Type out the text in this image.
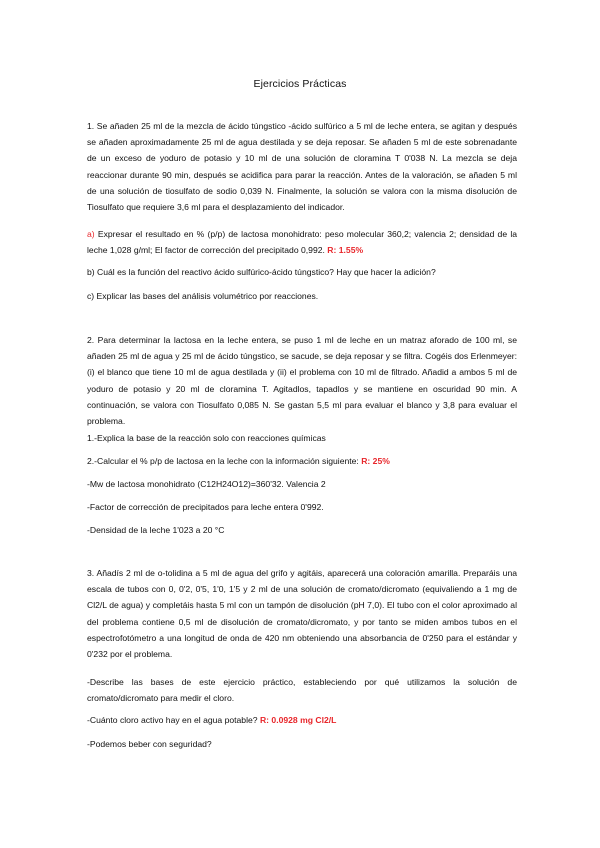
Ejercicios Prácticas
1. Se añaden 25 ml de la mezcla de ácido túngstico -ácido sulfúrico a 5 ml de leche entera, se agitan y después se añaden aproximadamente 25 ml de agua destilada y se deja reposar. Se añaden 5 ml de este sobrenadante de un exceso de yoduro de potasio y 10 ml de una solución de cloramina T 0'038 N. La mezcla se deja reaccionar durante 90 min, después se acidifica para parar la reacción. Antes de la valoración, se añaden 5 ml de una solución de tiosulfato de sodio 0,039 N. Finalmente, la solución se valora con la misma disolución de Tiosulfato que requiere 3,6 ml para el desplazamiento del indicador.
a) Expresar el resultado en % (p/p) de lactosa monohidrato: peso molecular 360,2; valencia 2; densidad de la leche 1,028 g/ml; El factor de corrección del precipitado 0,992. R: 1.55%
b) Cuál es la función del reactivo ácido sulfúrico-ácido túngstico? Hay que hacer la adición?
c) Explicar las bases del análisis volumétrico por reacciones.
2. Para determinar la lactosa en la leche entera, se puso 1 ml de leche en un matraz aforado de 100 ml, se añaden 25 ml de agua y 25 ml de ácido túngstico, se sacude, se deja reposar y se filtra. Cogéis dos Erlenmeyer:(i) el blanco que tiene 10 ml de agua destilada y (ii) el problema con 10 ml de filtrado. Añadid a ambos 5 ml de yoduro de potasio y 20 ml de cloramina T. Agitadlos, tapadlos y se mantiene en oscuridad 90 min. A continuación, se valora con Tiosulfato 0,085 N. Se gastan 5,5 ml para evaluar el blanco y 3,8 para evaluar el problema.
1.-Explica la base de la reacción solo con reacciones químicas
2.-Calcular el % p/p de lactosa en la leche con la información siguiente: R: 25%
-Mw de lactosa monohidrato (C12H24O12)=360'32. Valencia 2
-Factor de corrección de precipitados para leche entera 0'992.
-Densidad de la leche 1'023 a 20 °C
3. Añadís 2 ml de o-tolidina a 5 ml de agua del grifo y agitáis, aparecerá una coloración amarilla. Preparáis una escala de tubos con 0, 0'2, 0'5, 1'0, 1'5 y 2 ml de una solución de cromato/dicromato (equivaliendo a 1 mg de Cl2/L de agua) y completáis hasta 5 ml con un tampón de disolución (pH 7,0). El tubo con el color aproximado al del problema contiene 0,5 ml de disolución de cromato/dicromato, y por tanto se miden ambos tubos en el espectrofotómetro a una longitud de onda de 420 nm obteniendo una absorbancia de 0'250 para el estándar y 0'232 por el problema.
-Describe las bases de este ejercicio práctico, estableciendo por qué utilizamos la solución de cromato/dicromato para medir el cloro.
-Cuánto cloro activo hay en el agua potable? R: 0.0928 mg Cl2/L
-Podemos beber con seguridad?
